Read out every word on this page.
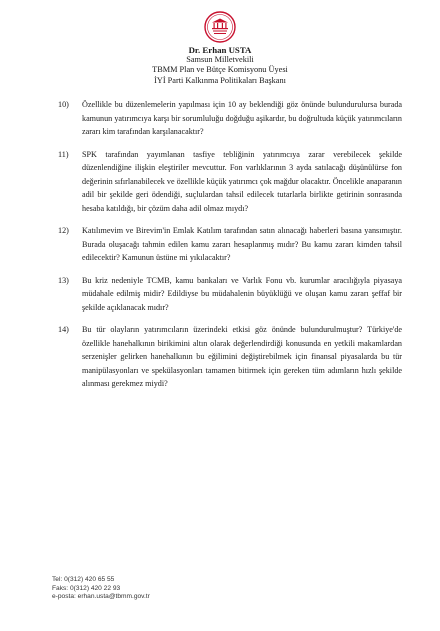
Dr. Erhan USTA
Samsun Milletvekili
TBMM Plan ve Bütçe Komisyonu Üyesi
İYİ Parti Kalkınma Politikaları Başkanı
10)	Özellikle bu düzenlemelerin yapılması için 10 ay beklendiği göz önünde bulundurulursa burada kamunun yatırımcıya karşı bir sorumluluğu doğduğu aşikardır, bu doğrultuda küçük yatırımcıların zararı kim tarafından karşılanacaktır?
11)	SPK tarafından yayımlanan tasfiye tebliğinin yatırımcıya zarar verebilecek şekilde düzenlendiğine ilişkin eleştiriler mevcuttur. Fon varlıklarının 3 ayda satılacağı düşünülürse fon değerinin sıfırlanabilecek ve özellikle küçük yatırımcı çok mağdur olacaktır. Öncelikle anaparanın adil bir şekilde geri ödendiği, suçlulardan tahsil edilecek tutarlarla birlikte getirinin sonrasında hesaba katıldığı, bir çözüm daha adil olmaz mıydı?
12)	Katılımevim ve Birevim'in Emlak Katılım tarafından satın alınacağı haberleri basına yansımıştır. Burada oluşacağı tahmin edilen kamu zararı hesaplanmış mıdır? Bu kamu zararı kimden tahsil edilecektir? Kamunun üstüne mi yıkılacaktır?
13)	Bu kriz nedeniyle TCMB, kamu bankaları ve Varlık Fonu vb. kurumlar aracılığıyla piyasaya müdahale edilmiş midir? Edildiyse bu müdahalenin büyüklüğü ve oluşan kamu zararı şeffaf bir şekilde açıklanacak mıdır?
14)	Bu tür olayların yatırımcıların üzerindeki etkisi göz önünde bulundurulmuştur? Türkiye'de özellikle hanehalkının birikimini altın olarak değerlendirdiği konusunda en yetkili makamlardan serzenişler gelirken hanehalkının bu eğilimini değiştirebilmek için finansal piyasalarda bu tür manipülasyonları ve spekülasyonları tamamen bitirmek için gereken tüm adımların hızlı şekilde alınması gerekmez miydi?
Tel: 0(312) 420 65 55
Faks: 0(312) 420 22 93
e-posta: erhan.usta@tbmm.gov.tr
